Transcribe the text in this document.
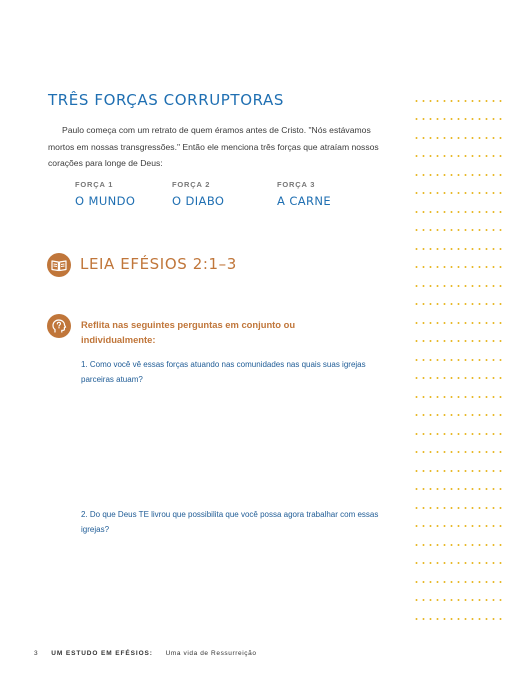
TRÊS FORÇAS CORRUPTORAS

Paulo começa com um retrato de quem éramos antes de Cristo. "Nós estávamos mortos em nossas transgressões." Então ele menciona três forças que atraíam nossos corações para longe de Deus:

FORÇA 1
O MUNDO
FORÇA 2
O DIABO
FORÇA 3
A CARNE
LEIA EFÉSIOS 2:1–3

Reflita nas seguintes perguntas em conjunto ou individualmente:

1. Como você vê essas forças atuando nas comunidades nas quais suas igrejas parceiras atuam?

2. Do que Deus TE livrou que possibilita que você possa agora trabalhar com essas igrejas?

3 UM ESTUDO EM EFÉSIOS: Uma vida de Ressurreição
